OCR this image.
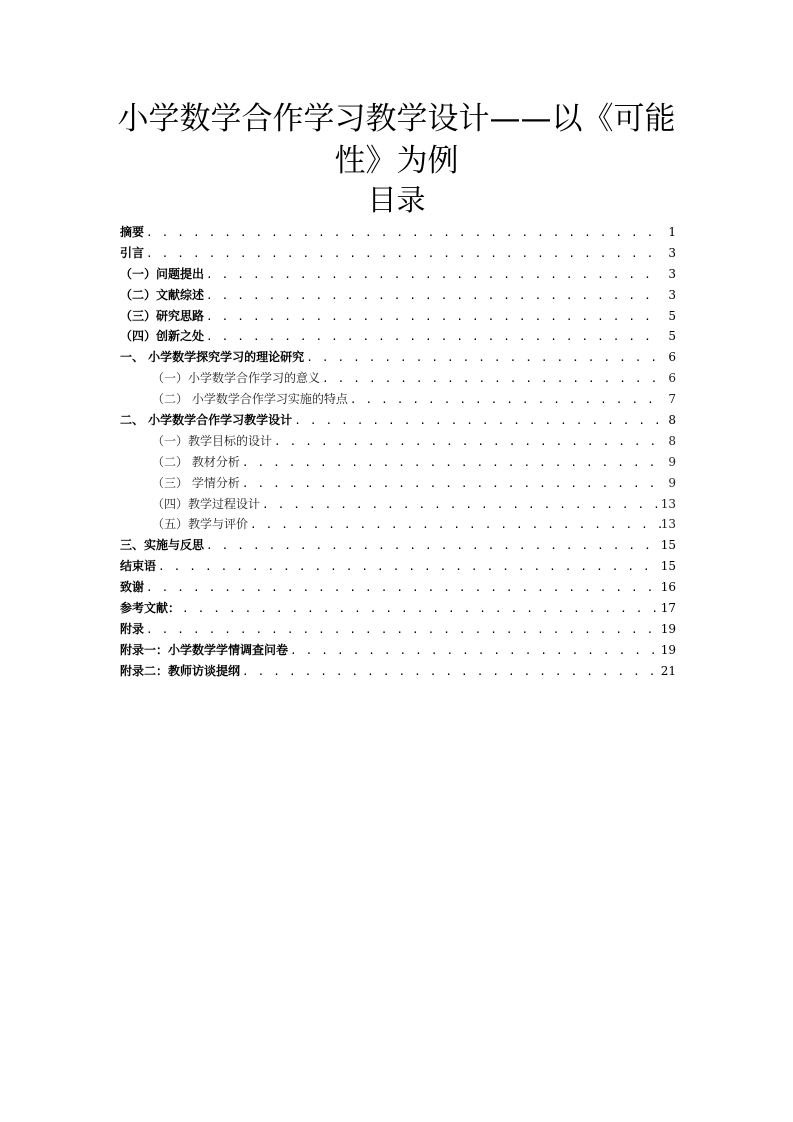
小学数学合作学习教学设计——以《可能
性》为例
目录
摘要 . . .	1
引言 . . .	3
（一）问题提出 . . .	3
（二）文献综述 . . .	3
（三）研究思路 . . .	5
（四）创新之处 . . .	5
一、 小学数学探究学习的理论研究 . . .	6
（一）小学数学合作学习的意义 . . .	6
（二） 小学数学合作学习实施的特点 . . .	7
二、 小学数学合作学习教学设计 . . .	8
（一）教学目标的设计 . . .	8
（二） 教材分析 . . .	9
（三） 学情分析 . . .	9
（四）教学过程设计 . . .	13
（五）教学与评价 . . .	13
三、实施与反思 . . .	15
结束语 . . .	15
致谢 . . .	16
参考文献： . . .	17
附录 . . .	19
附录一：小学数学学情调查问卷 . . .	19
附录二：教师访谈提纲 . . .	21
